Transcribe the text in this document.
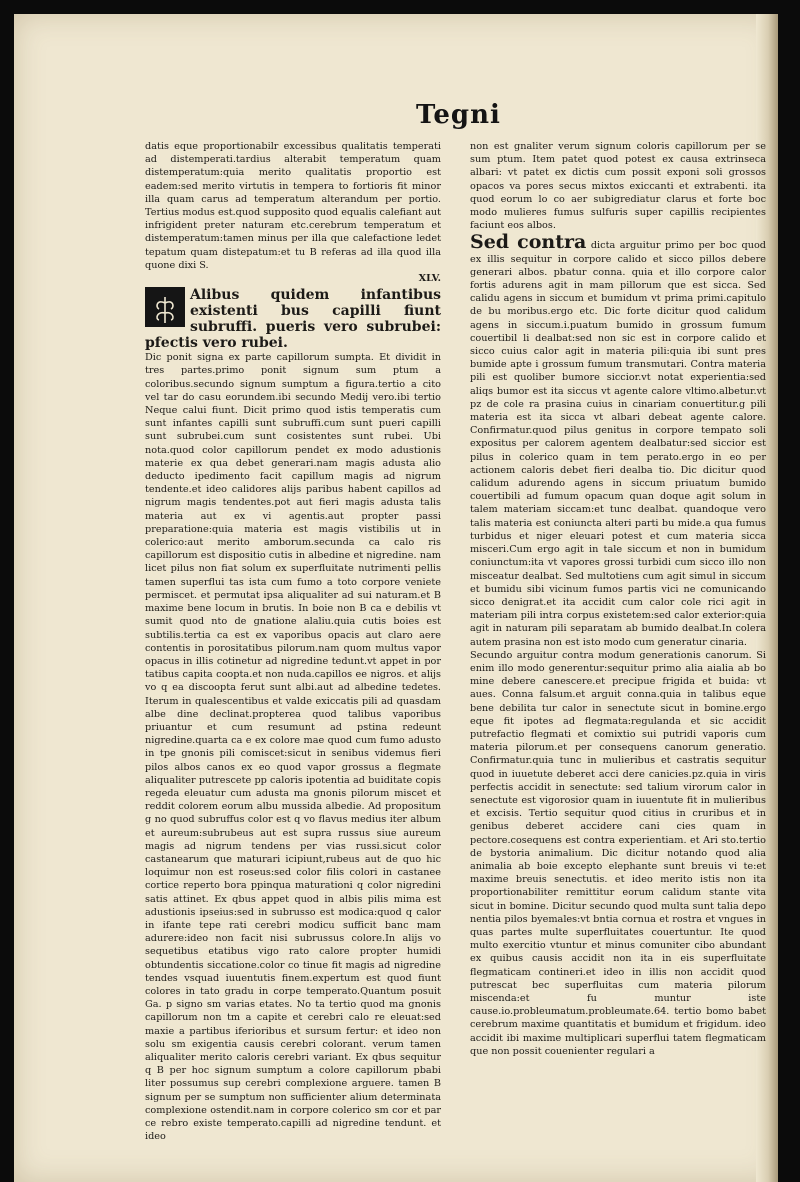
Tegni

datis eque proportionabilr excessibus qualitatis temperati ad distemperati.tardius alterabit temperatum quam distemperatum:quia merito qualitatis proportio est eadem:sed merito virtutis in tempera to fortioris fit minor illa quam carus ad temperatum alterandum per portio. Tertius modus est.quod supposito quod equalis calefiant aut infrigident preter naturam etc.cerebrum temperatum et distemperatum:tamen minus per illa que calefactione ledet tepatum quam distepatum:et tu B referas ad illa quod illa quone dixi S.

XLV.

Alibus quidem infantibus existenti bus capilli fiunt subruffi. pueris vero subrubei: pfectis vero rubei.

Dic ponit signa ex parte capillorum sumpta. Et dividit in tres partes.primo ponit signum sum ptum a coloribus.secundo signum sumptum a figura.tertio a cito vel tar do casu eorundem.ibi secundo Medij vero.ibi tertio Neque calui fiunt. Dicit primo quod istis temperatis cum sunt infantes capilli sunt subruffi.cum sunt pueri capilli sunt subrubei.cum sunt cosistentes sunt rubei. Ubi nota.quod color capillorum pendet ex modo adustionis materie ex qua debet generari.nam magis adusta alio deducto ipedimento facit capillum magis ad nigrum tendente.et ideo calidores alijs paribus habent capillos ad nigrum magis tendentes.pot aut fieri magis adusta talis materia aut ex vi agentis.aut propter passi preparatione:quia materia est magis vistibilis ut in colerico:aut merito amborum.secunda ca calo ris capillorum est dispositio cutis in albedine et nigredine. nam licet pilus non fiat solum ex superfluitate nutrimenti pellis tamen superflui tas ista cum fumo a toto corpore veniete permiscet. et permutat ipsa aliqualiter ad sui naturam.et B maxime bene locum in brutis. In boie non B ca e debilis vt sumit quod nto de gnatione alaliu.quia cutis boies est subtilis.tertia ca est ex vaporibus opacis aut claro aere contentis in porositatibus pilorum.nam quom multus vapor opacus in illis cotinetur ad nigredine tedunt.vt appet in por tatibus capita coopta.et non nuda.capillos ee nigros. et alijs vo q ea discoopta ferut sunt albi.aut ad albedine tedetes. Iterum in qualescentibus et valde exiccatis pili ad quasdam albe dine declinat.propterea quod talibus vaporibus priuantur et cum resumunt ad pstina redeunt nigredine.quarta ca e ex colore mae quod cum fumo adusto in tpe gnonis pili comiscet:sicut in senibus videmus fieri pilos albos canos ex eo quod vapor grossus a flegmate aliqualiter putrescete pp caloris ipotentia ad buiditate copis regeda eleuatur cum adusta ma gnonis pilorum miscet et reddit colorem eorum albu mussida albedie. Ad propositum g no quod subruffus color est q vo flavus medius iter album et aureum:subrubeus aut est supra russus siue aureum magis ad nigrum tendens per vias russi.sicut color castanearum que maturari icipiunt,rubeus aut de quo hic loquimur non est roseus:sed color filis colori in castanee cortice reperto bora ppinqua maturationi q color nigredini satis attinet. Ex qbus appet quod in albis pilis mima est adustionis ipseius:sed in subrusso est modica:quod q calor in ifante tepe rati cerebri modicu sufficit banc mam adurere:ideo non facit nisi subrussus colore.In alijs vo sequetibus etatibus vigo rato calore propter humidi obtundentis siccatione.color co tinue fit magis ad nigredine tendes vsquad iuuentutis finem.expertum est quod fiunt colores in tato gradu in corpe temperato.Quantum posuit Ga. p signo sm varias etates. No ta tertio quod ma gnonis capillorum non tm a capite et cerebri calo re eleuat:sed maxie a partibus iferioribus et sursum fertur: et ideo non solu sm exigentia causis cerebri colorant. verum tamen aliqualiter merito caloris cerebri variant. Ex qbus sequitur q B per hoc signum sumptum a colore capillorum pbabi liter possumus sup cerebri complexione arguere. tamen B signum per se sumptum non sufficienter alium determinata complexione ostendit.nam in corpore colerico sm cor et par ce rebro existe temperato.capilli ad nigredine tendunt. et ideo

non est gnaliter verum signum coloris capillorum per se sum ptum. Item patet quod potest ex causa extrinseca albari: vt patet ex dictis cum possit exponi soli grossos opacos va pores secus mixtos exiccanti et extrabenti. ita quod eorum lo co aer subigrediatur clarus et forte boc modo mulieres fumus sulfuris super capillis recipientes faciunt eos albos.

Sed contra dicta arguitur primo per boc quod ex illis sequitur in corpore calido et sicco pillos debere generari albos. pbatur conna. quia et illo corpore calor fortis adurens agit in mam pillorum que est sicca. Sed calidu agens in siccum et bumidum vt prima primi.capitulo de bu moribus.ergo etc. Dic forte dicitur quod calidum agens in siccum.i.puatum bumido in grossum fumum couertibil li dealbat:sed non sic est in corpore calido et sicco cuius calor agit in materia pili:quia ibi sunt pres bumide apte i grossum fumum transmutari. Contra materia pili est quoliber bumore siccior.vt notat experientia:sed aliqs bumor est ita siccus vt agente calore vltimo.albetur.vt pz de cole ra prasina cuius in cinariam conuertitur.g pili materia est ita sicca vt albari debeat agente calore. Confirmatur.quod pilus genitus in corpore tempato soli expositus per calorem agentem dealbatur:sed siccior est pilus in colerico quam in tem perato.ergo in eo per actionem caloris debet fieri dealba tio. Dic dicitur quod calidum adurendo agens in siccum priuatum bumido couertibili ad fumum opacum quan doque agit solum in talem materiam siccam:et tunc dealbat. quandoque vero talis materia est coniuncta alteri parti bu mide.a qua fumus turbidus et niger eleuari potest et cum materia sicca misceri.Cum ergo agit in tale siccum et non in bumidum coniunctum:ita vt vapores grossi turbidi cum sicco illo non misceatur dealbat. Sed multotiens cum agit simul in siccum et bumidu sibi vicinum fumos partis vici ne comunicando sicco denigrat.et ita accidit cum calor cole rici agit in materiam pili intra corpus existetem:sed calor exterior:quia agit in naturam pili separatam ab bumido dealbat.In colera autem prasina non est isto modo cum generatur cinaria.

Secundo arguitur contra modum generationis canorum. Si enim illo modo generentur:sequitur primo alia aialia ab bo mine debere canescere.et precipue frigida et buida: vt aues. Conna falsum.et arguit conna.quia in talibus eque bene debilita tur calor in senectute sicut in bomine.ergo eque fit ipotes ad flegmata:regulanda et sic accidit putrefactio flegmati et comixtio sui putridi vaporis cum materia pilorum.et per consequens canorum generatio. Confirmatur.quia tunc in mulieribus et castratis sequitur quod in iuuetute deberet acci dere canicies.pz.quia in viris perfectis accidit in senectute: sed talium virorum calor in senectute est vigorosior quam in iuuentute fit in mulieribus et excisis. Tertio sequitur quod citius in cruribus et in genibus deberet accidere cani cies quam in pectore.cosequens est contra experientiam. et Ari sto.tertio de bystoria animalium. Dic dicitur notando quod alia animalia ab boie excepto elephante sunt breuis vi te:et maxime breuis senectutis. et ideo merito istis non ita proportionabiliter remittitur eorum calidum stante vita sicut in bomine. Dicitur secundo quod multa sunt talia depo nentia pilos byemales:vt bntia cornua et rostra et vngues in quas partes multe superfluitates couertuntur. Ite quod multo exercitio vtuntur et minus comuniter cibo abundant ex quibus causis accidit non ita in eis superfluitate flegmaticam contineri.et ideo in illis non accidit quod putrescat bec superfluitas cum materia pilorum miscenda:et fu muntur iste cause.io.probleumatum.probleumate.64. tertio bomo babet cerebrum maxime quantitatis et bumidum et frigidum. ideo accidit ibi maxime multiplicari superflui tatem flegmaticam que non possit couenienter regulari a
